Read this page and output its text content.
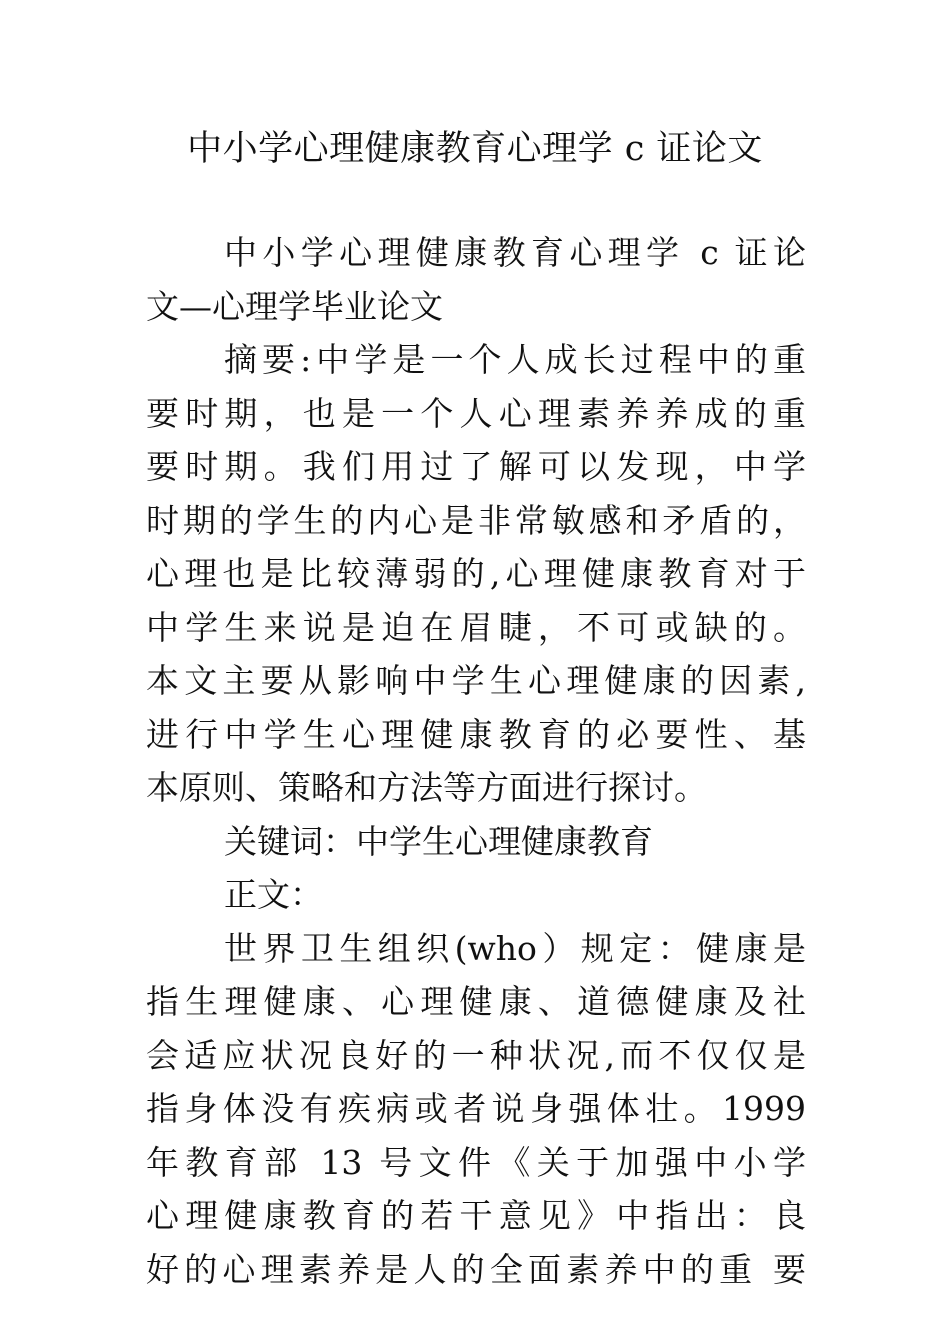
中小学心理健康教育心理学 c 证论文
中小学心理健康教育心理学 c 证论
文—心理学毕业论文
摘要:中学是一个人成长过程中的重
要时期，也是一个人心理素养养成的重
要时期。我们用过了解可以发现，中学
时期的学生的内心是非常敏感和矛盾的，
心理也是比较薄弱的,心理健康教育对于
中学生来说是迫在眉睫，不可或缺的。
本文主要从影响中学生心理健康的因素,
进行中学生心理健康教育的必要性、基
本原则、策略和方法等方面进行探讨。
关键词：中学生心理健康教育
正文：
世界卫生组织(who）规定：健康是
指生理健康、心理健康、道德健康及社
会适应状况良好的一种状况,而不仅仅是
指身体没有疾病或者说身强体壮。1999
年教育部 13 号文件《关于加强中小学
心理健康教育的若干意见》中指出：良
好的心理素养是人的全面素养中的重 要
